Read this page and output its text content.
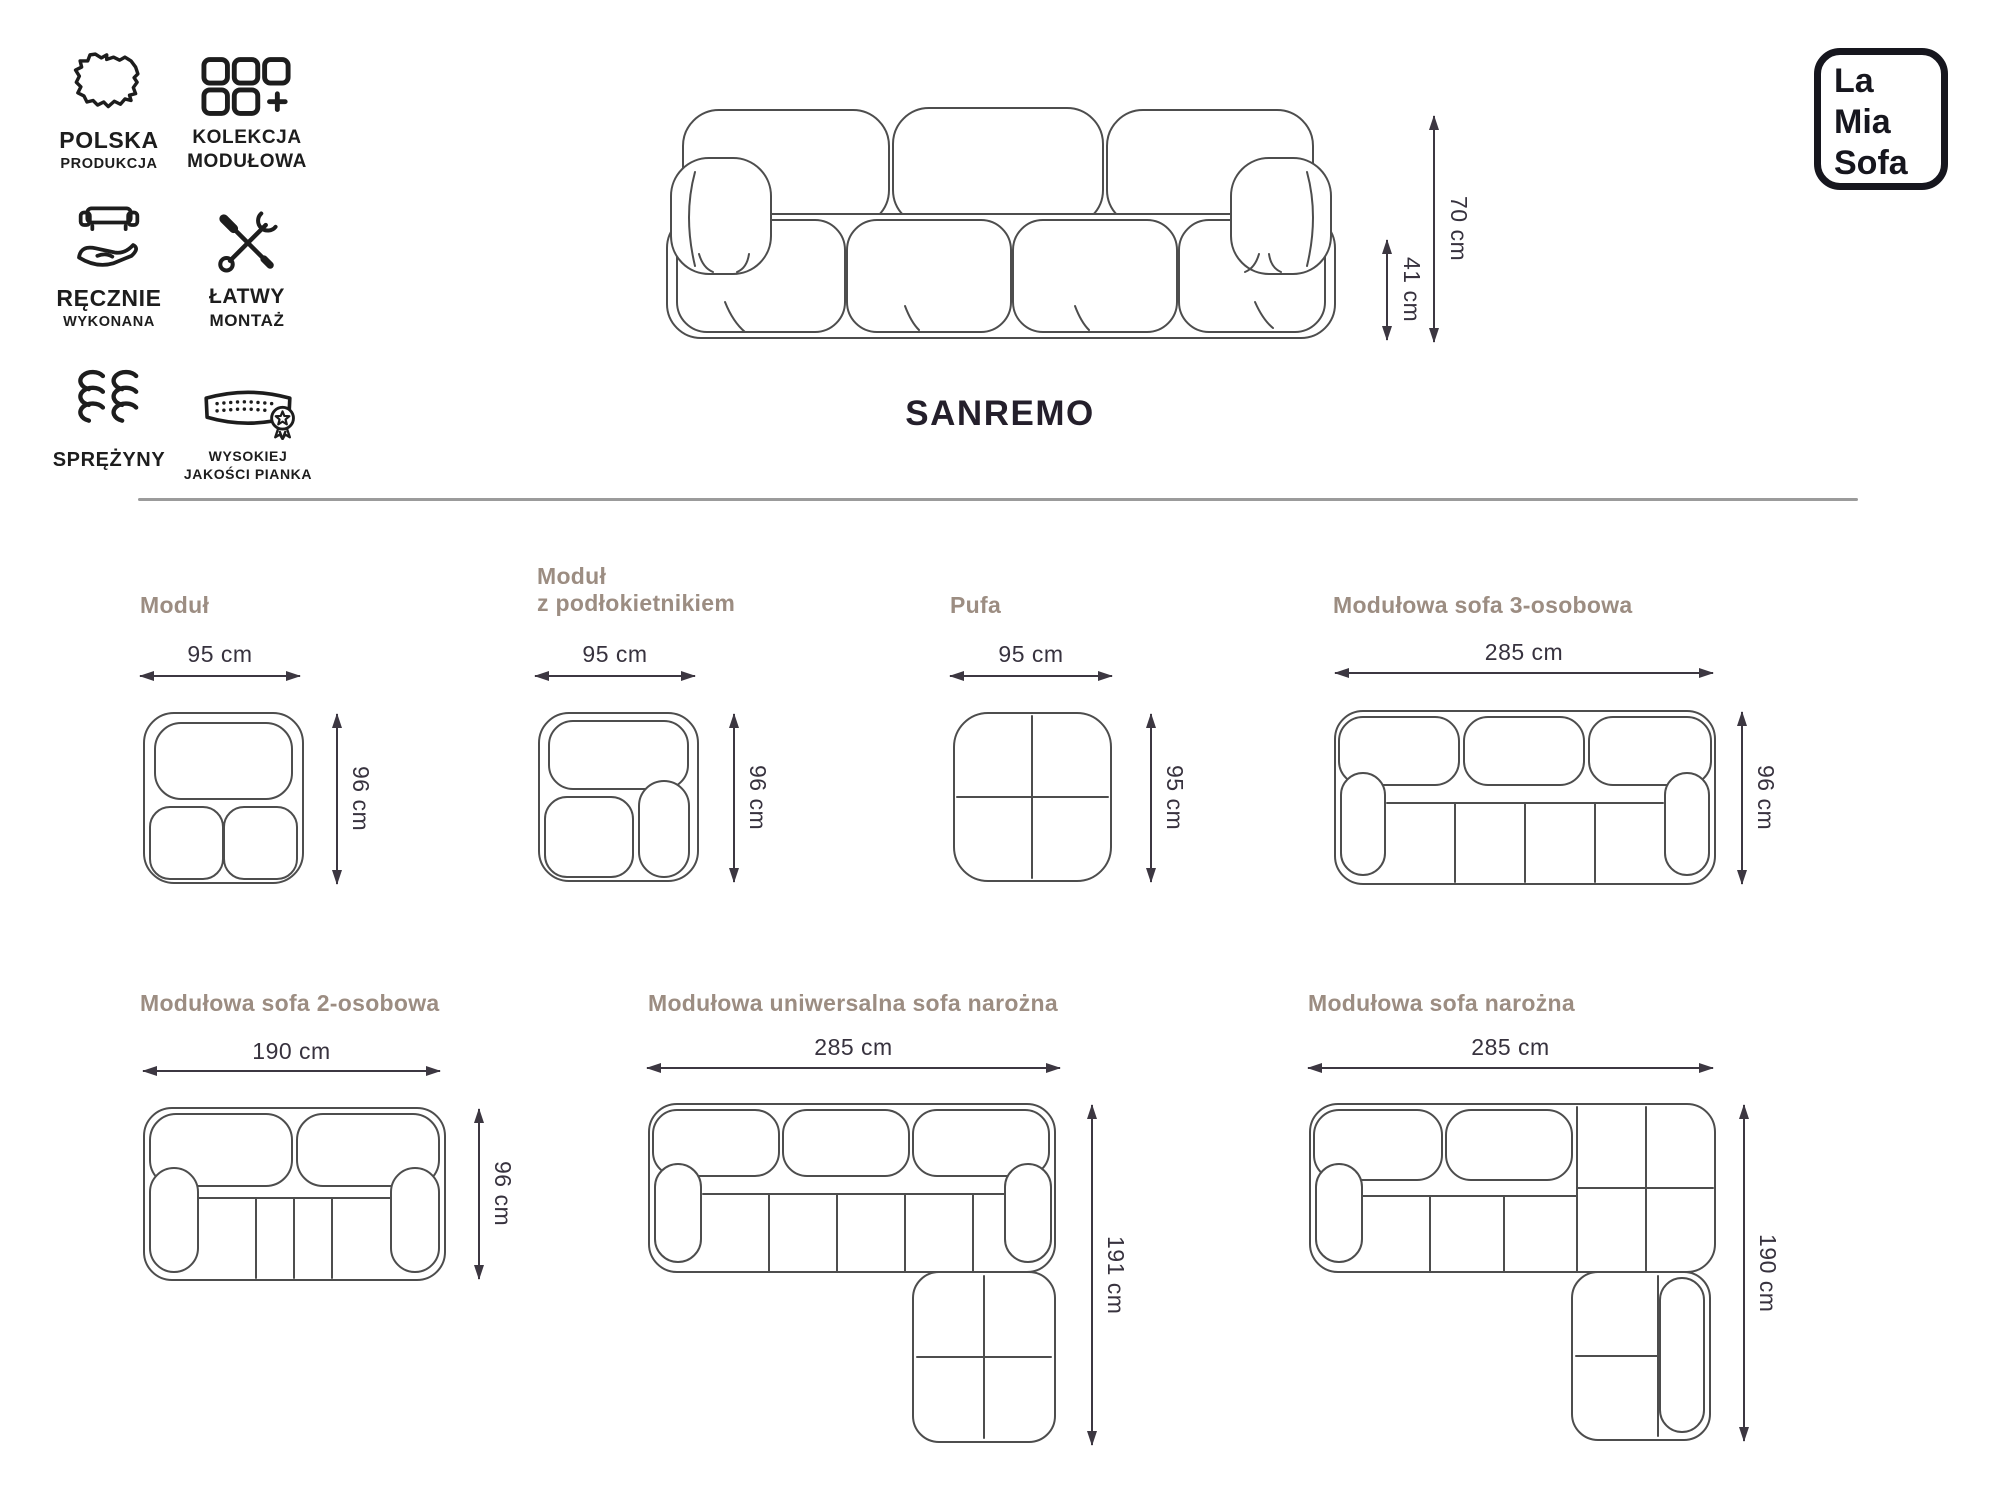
POLSKA
PRODUKCJA
KOLEKCJA
MODUŁOWA
RĘCZNIE
WYKONANA
ŁATWY
MONTAŻ
SPRĘŻYNY	WYSOKIEJ
JAKOŚCI PIANKA
41 cm
70 cm
SANREMO
La
Mia
Sofa
Moduł
95 cm
96 cm
Moduł
z podłokietnikiem
95 cm
96 cm
Pufa
95 cm
95 cm
Modułowa sofa 3-osobowa
285 cm
96 cm
Modułowa sofa 2-osobowa
190 cm
96 cm
Modułowa uniwersalna sofa narożna
285 cm
191 cm
Modułowa sofa narożna
285 cm
190 cm
